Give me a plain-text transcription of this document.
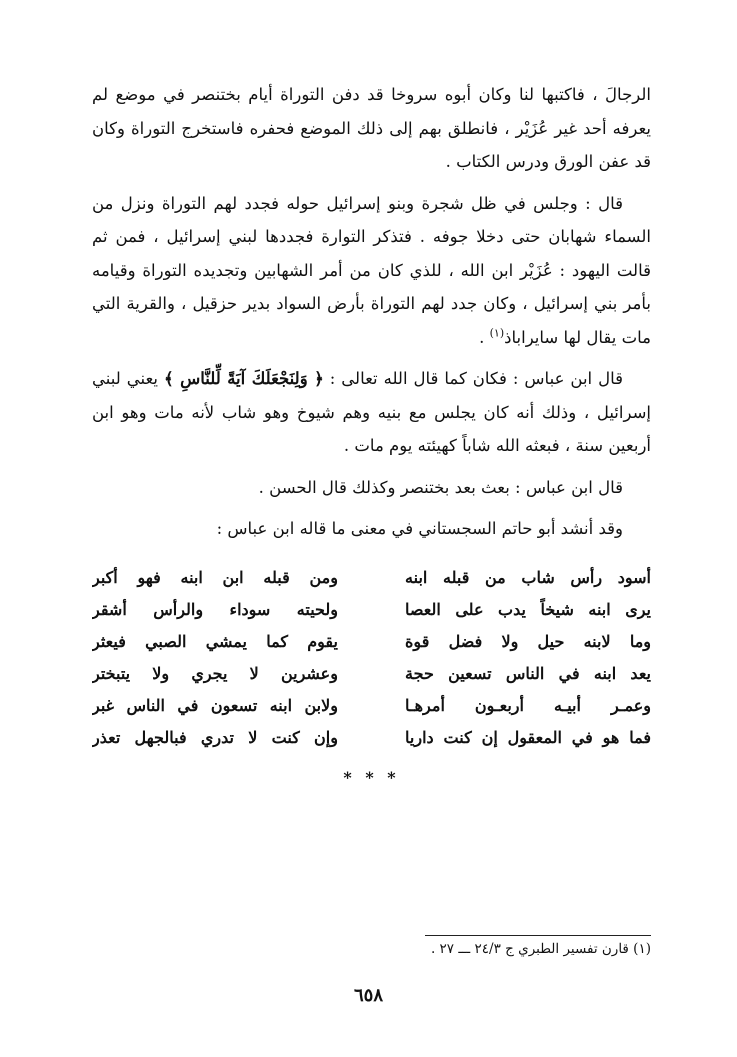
الرجالَ ، فاكتبها لنا وكان أبوه سروخا قد دفن التوراة أيام بختنصر في موضع لم يعرفه أحد غير عُزَيْر ، فانطلق بهم إلى ذلك الموضع فحفره فاستخرج التوراة وكان قد عفن الورق ودرس الكتاب .

قال : وجلس في ظل شجرة وبنو إسرائيل حوله فجدد لهم التوراة ونزل من السماء شهابان حتى دخلا جوفه . فتذكر التوارة فجددها لبني إسرائيل ، فمن ثم قالت اليهود : عُزَيْر ابن الله ، للذي كان من أمر الشهابين وتجديده التوراة وقيامه بأمر بني إسرائيل ، وكان جدد لهم التوراة بأرض السواد بدير حزقيل ، والقرية التي مات يقال لها سايراباذ$^{(١)}$ .

قال ابن عباس : فكان كما قال الله تعالى : ﴿ وَلِنَجْعَلَكَ آيَةً لِّلنَّاسِ ﴾ يعني لبني إسرائيل ، وذلك أنه كان يجلس مع بنيه وهم شيوخ وهو شاب لأنه مات وهو ابن أربعين سنة ، فبعثه الله شاباً كهيئته يوم مات .

قال ابن عباس : بعث بعد بختنصر وكذلك قال الحسن .

وقد أنشد أبو حاتم السجستاني في معنى ما قاله ابن عباس :

أسود رأس شاب من قبله ابنه
ومن قبله ابن ابنه فهو أكبر
يرى ابنه شيخاً يدب على العصا
ولحيته سوداء والرأس أشقر
وما لابنه حيل ولا فضل قوة
يقوم كما يمشي الصبي فيعثر
يعد ابنه في الناس تسعين حجة
وعشرين لا يجري ولا يتبختر
وعمـر أبيـه أربعـون أمرهـا
ولابن ابنه تسعون في الناس غبر
فما هو في المعقول إن كنت داريا
وإن كنت لا تدري فبالجهل تعذر
* * *
(١) قارن تفسير الطبري ج ٢٤/٣ ـــ ٢٧ .
٦٥٨
